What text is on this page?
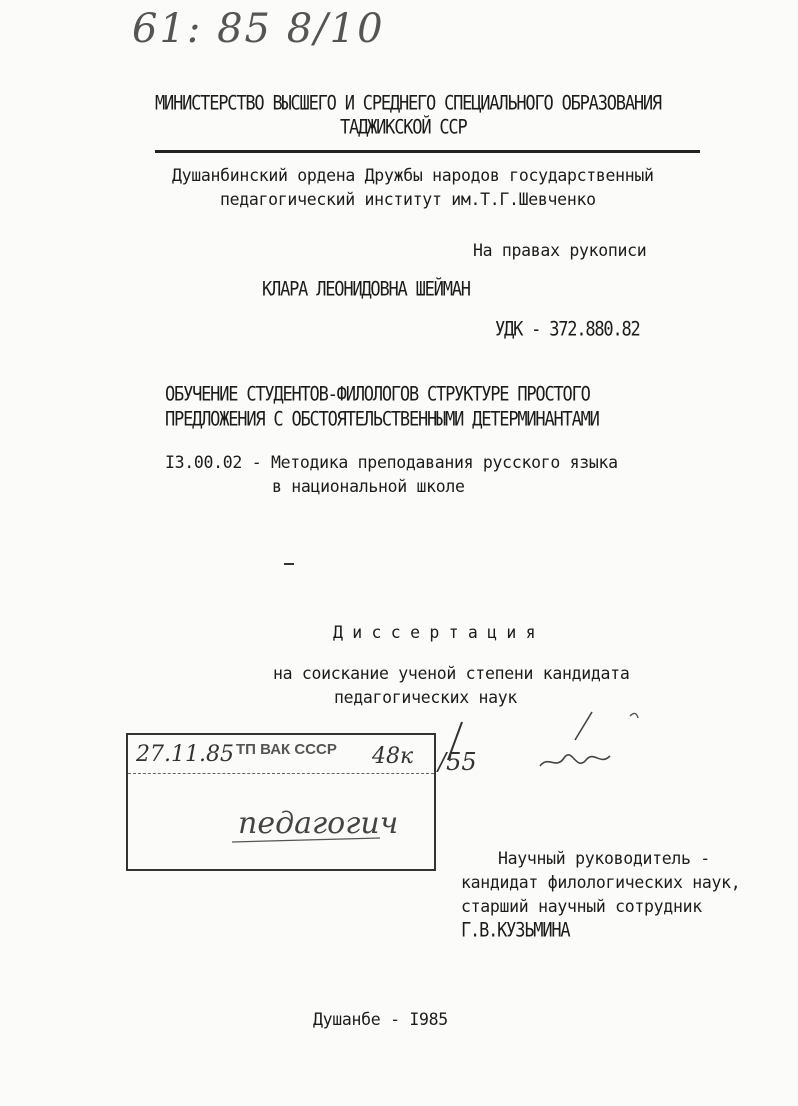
61: 85 8/10
МИНИСТЕРСТВО ВЫСШЕГО И СРЕДНЕГО СПЕЦИАЛЬНОГО ОБРАЗОВАНИЯ
ТАДЖИКСКОЙ ССР
Душанбинский ордена Дружбы народов государственный
педагогический институт им.Т.Г.Шевченко
На правах рукописи
КЛАРА ЛЕОНИДОВНА ШЕЙМАН
УДК - 372.880.82
ОБУЧЕНИЕ СТУДЕНТОВ-ФИЛОЛОГОВ СТРУКТУРЕ ПРОСТОГО
ПРЕДЛОЖЕНИЯ С ОБСТОЯТЕЛЬСТВЕННЫМИ ДЕТЕРМИНАНТАМИ
I3.00.02 - Методика преподавания русского языка
в национальной школе
Д и с с е р т а ц и я
на соискание ученой степени кандидата
педагогических наук
27.11.85 ТП ВАК СССР 48к /55
педагогич
Научный руководитель -
кандидат филологических наук,
старший научный сотрудник
Г.В.КУЗЬМИНА
Душанбе - I985
